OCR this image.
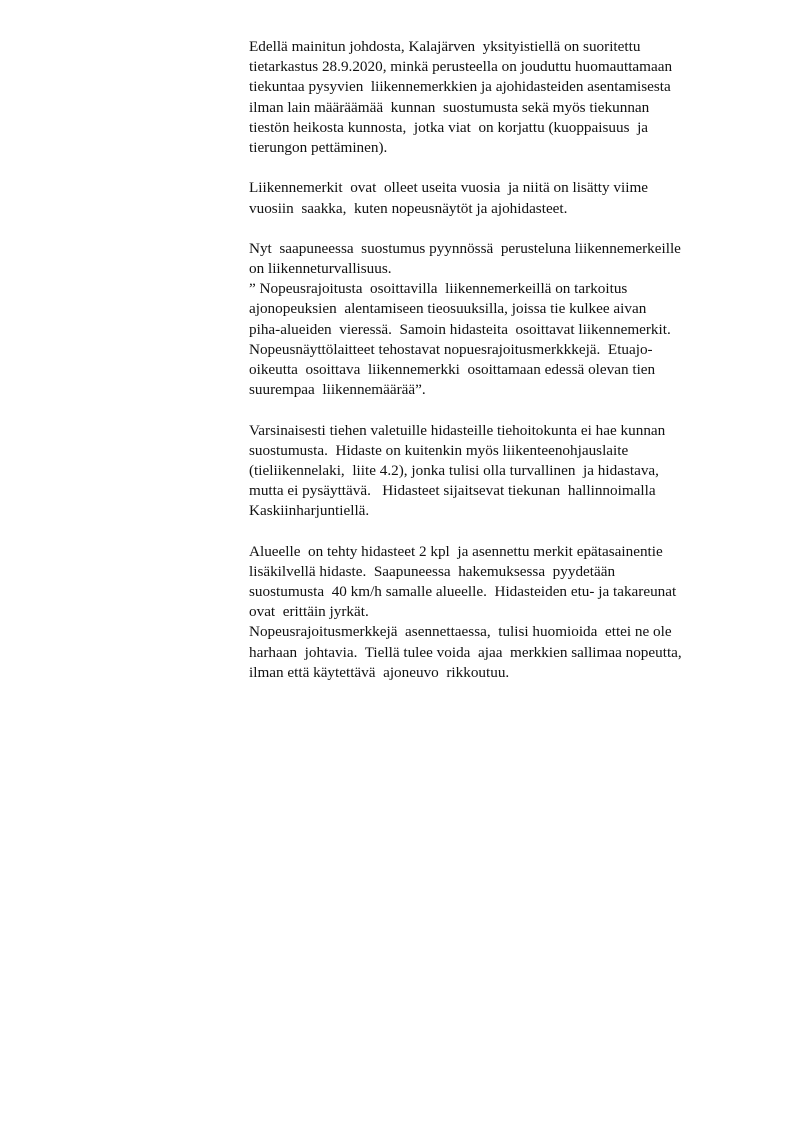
Edellä mainitun johdosta, Kalajärven  yksityistiellä on suoritettu
tietarkastus 28.9.2020, minkä perusteella on jouduttu huomauttamaan
tiekuntaa pysyvien  liikennemerkkien ja ajohidasteiden asentamisesta
ilman lain määräämää  kunnan  suostumusta sekä myös tiekunnan
tiestön heikosta kunnosta,  jotka viat  on korjattu (kuoppaisuus  ja
tierungon pettäminen).
Liikennemerkit  ovat  olleet useita vuosia  ja niitä on lisätty viime
vuosiin  saakka,  kuten nopeusnäytöt ja ajohidasteet.
Nyt  saapuneessa  suostumus pyynnössä  perusteluna liikennemerkeille
on liikenneturvallisuus.
” Nopeusrajoitusta  osoittavilla  liikennemerkeillä on tarkoitus
ajonopeuksien  alentamiseen tieosuuksilla, joissa tie kulkee aivan
piha-alueiden  vieressä.  Samoin hidasteita  osoittavat liikennemerkit.
Nopeusnäyttölaitteet tehostavat nopuesrajoitusmerkkkejä.  Etuajo-
oikeutta  osoittava  liikennemerkki  osoittamaan edessä olevan tien
suurempaa  liikennemäärää”.
Varsinaisesti tiehen valetuille hidasteille tiehoitokunta ei hae kunnan
suostumusta.  Hidaste on kuitenkin myös liikenteenohjauslaite
(tieliikennelaki,  liite 4.2), jonka tulisi olla turvallinen  ja hidastava,
mutta ei pysäyttävä.   Hidasteet sijaitsevat tiekunan  hallinnoimalla
Kaskiinharjuntiellä.
Alueelle  on tehty hidasteet 2 kpl  ja asennettu merkit epätasainentie
lisäkilvellä hidaste.  Saapuneessa  hakemuksessa  pyydetään
suostumusta  40 km/h samalle alueelle.  Hidasteiden etu- ja takareunat
ovat  erittäin jyrkät.
Nopeusrajoitusmerkkejä  asennettaessa,  tulisi huomioida  ettei ne ole
harhaan  johtavia.  Tiellä tulee voida  ajaa  merkkien sallimaa nopeutta,
ilman että käytettävä  ajoneuvo  rikkoutuu.
